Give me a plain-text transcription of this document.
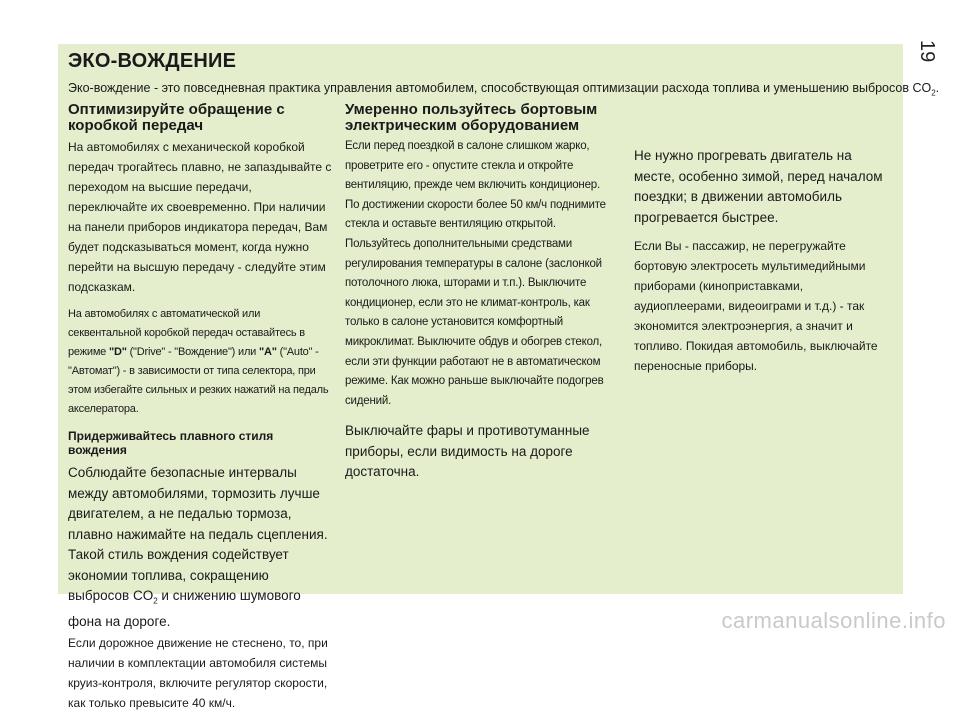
19
ЭКО-ВОЖДЕНИЕ
Эко-вождение - это повседневная практика управления автомобилем, способствующая оптимизации расхода топлива и уменьшению выбросов $CO_2$.
Оптимизируйте обращение с коробкой передач

На автомобилях с механической коробкой передач трогайтесь плавно, не запаздывайте с переходом на высшие передачи, переключайте их своевременно. При наличии на панели приборов индикатора передач, Вам будет подсказываться момент, когда нужно перейти на высшую передачу - следуйте этим подсказкам.

На автомобилях с автоматической или секвентальной коробкой передач оставайтесь в режиме "D" ("Drive" - "Вождение") или "A" ("Auto" - "Автомат") - в зависимости от типа селектора, при этом избегайте сильных и резких нажатий на педаль акселератора.

Придерживайтесь плавного стиля вождения

Соблюдайте безопасные интервалы между автомобилями, тормозить лучше двигателем, а не педалью тормоза, плавно нажимайте на педаль сцепления. Такой стиль вождения содействует экономии топлива, сокращению выбросов $CO_2$ и снижению шумового фона на дороге.

Если дорожное движение не стеснено, то, при наличии в комплектации автомобиля системы круиз-контроля, включите регулятор скорости, как только превысите 40 км/ч.

Умеренно пользуйтесь бортовым электрическим оборудованием

Если перед поездкой в салоне слишком жарко, проветрите его - опустите стекла и откройте вентиляцию, прежде чем включить кондиционер. По достижении скорости более 50 км/ч поднимите стекла и оставьте вентиляцию открытой. Пользуйтесь дополнительными средствами регулирования температуры в салоне (заслонкой потолочного люка, шторами и т.п.). Выключите кондиционер, если это не климат-контроль, как только в салоне установится комфортный микроклимат. Выключите обдув и обогрев стекол, если эти функции работают не в автоматическом режиме. Как можно раньше выключайте подогрев сидений.

Выключайте фары и противотуманные приборы, если видимость на дороге достаточна.

Не нужно прогревать двигатель на месте, особенно зимой, перед началом поездки; в движении автомобиль прогревается быстрее.

Если Вы - пассажир, не перегружайте бортовую электросеть мультимедийными приборами (киноприставками, аудиоплеерами, видеоиграми и т.д.) - так экономится электроэнергия, а значит и топливо. Покидая автомобиль, выключайте переносные приборы.

carmanualsonline.info
